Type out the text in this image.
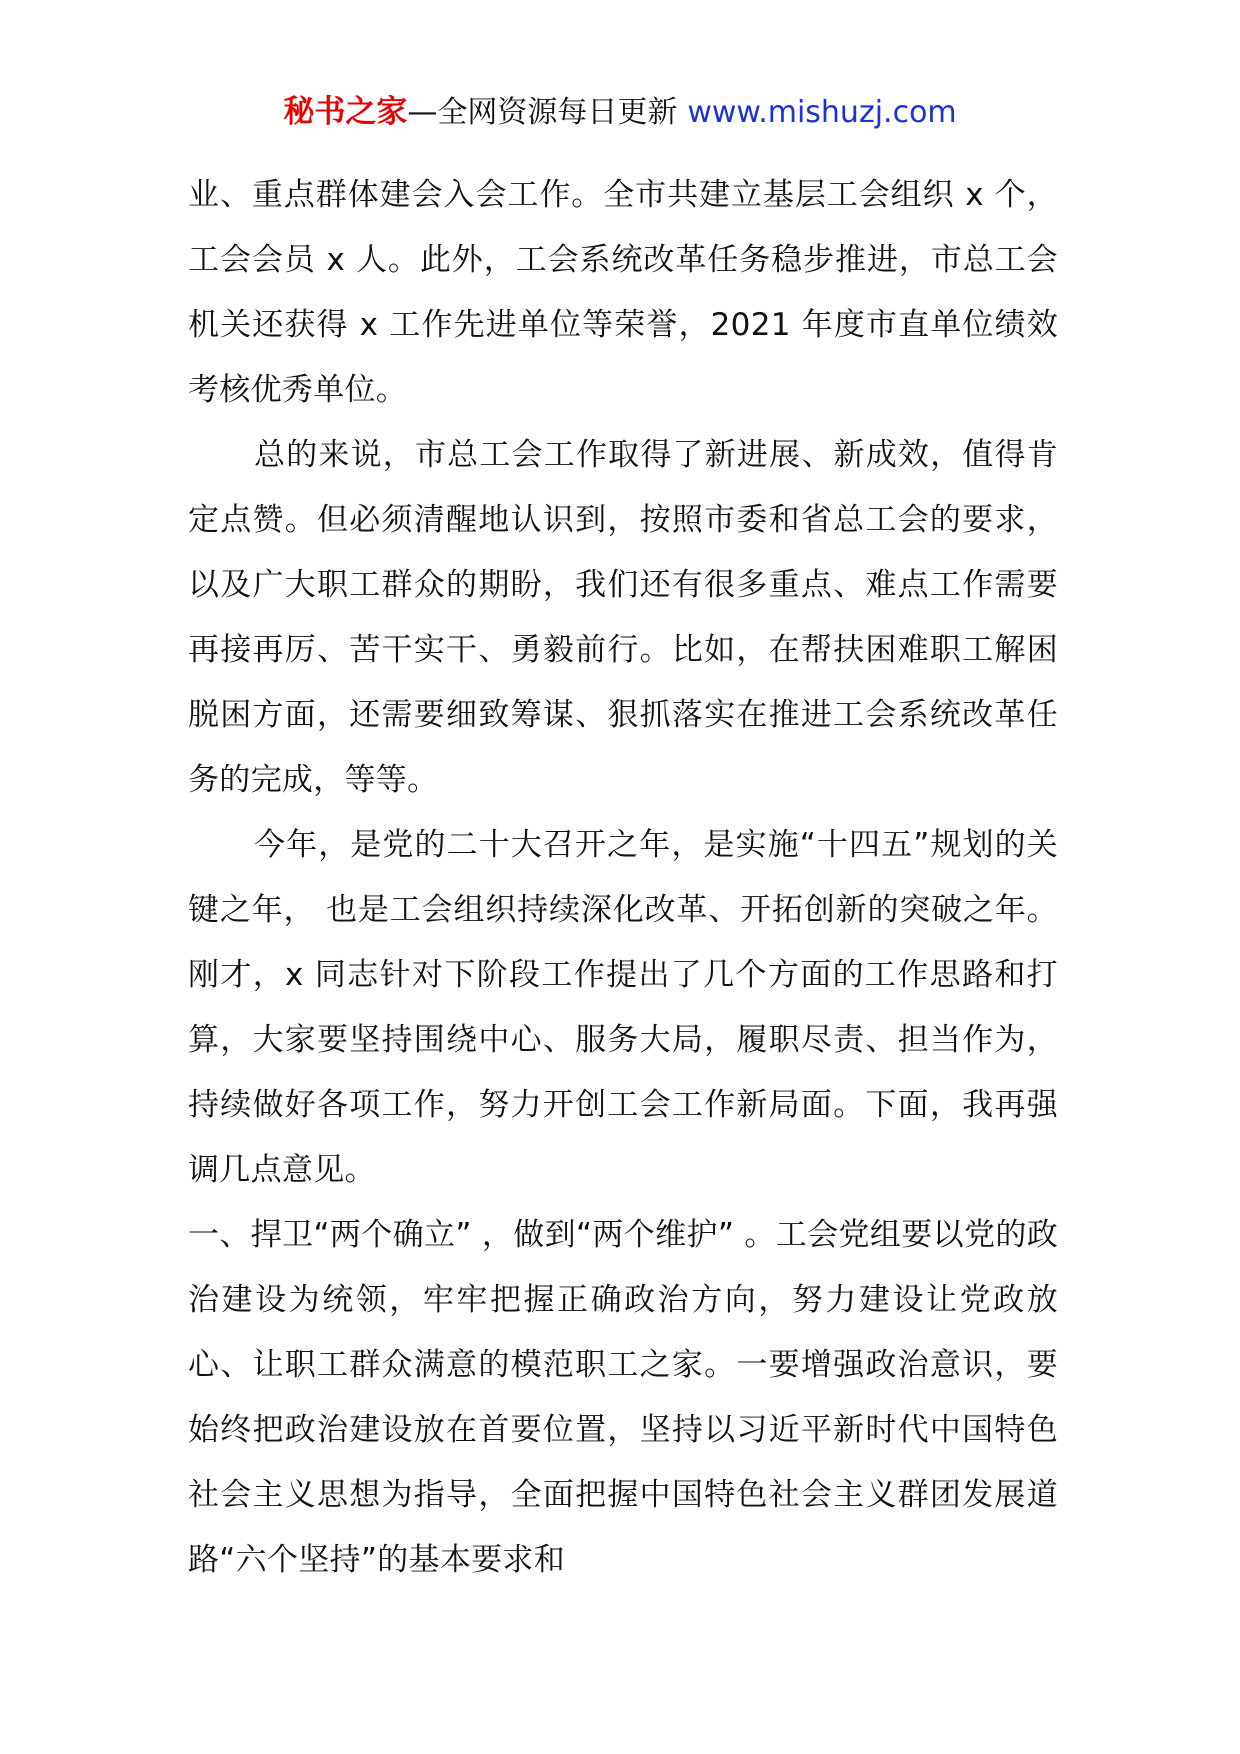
秘书之家—全网资源每日更新 www.mishuzj.com

业、重点群体建会入会工作。全市共建立基层工会组织 x 个，工会会员 x 人。此外，工会系统改革任务稳步推进，市总工会机关还获得 x 工作先进单位等荣誉，2021 年度市直单位绩效考核优秀单位。

总的来说，市总工会工作取得了新进展、新成效，值得肯定点赞。但必须清醒地认识到，按照市委和省总工会的要求，以及广大职工群众的期盼，我们还有很多重点、难点工作需要再接再厉、苦干实干、勇毅前行。比如，在帮扶困难职工解困脱困方面，还需要细致筹谋、狠抓落实在推进工会系统改革任务的完成，等等。

今年，是党的二十大召开之年，是实施“十四五”规划的关键之年， 也是工会组织持续深化改革、开拓创新的突破之年。刚才，x 同志针对下阶段工作提出了几个方面的工作思路和打算，大家要坚持围绕中心、服务大局，履职尽责、担当作为，持续做好各项工作，努力开创工会工作新局面。下面，我再强调几点意见。

一、捍卫“两个确立” ，做到“两个维护” 。工会党组要以党的政治建设为统领，牢牢把握正确政治方向，努力建设让党政放心、让职工群众满意的模范职工之家。一要增强政治意识，要始终把政治建设放在首要位置，坚持以习近平新时代中国特色社会主义思想为指导，全面把握中国特色社会主义群团发展道路“六个坚持”的基本要求和
